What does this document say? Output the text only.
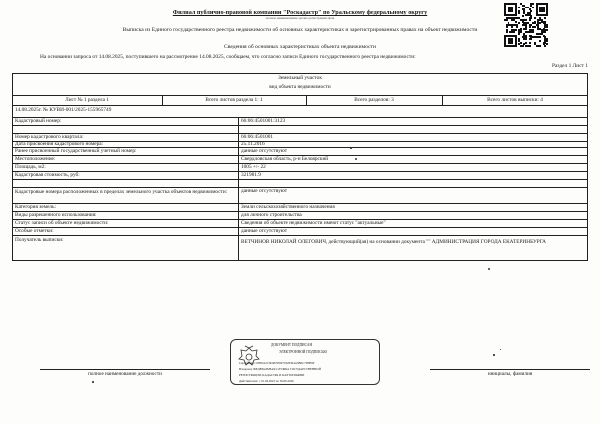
Филиал публично-правовой компании "Роскадастр" по Уральскому федеральному округу
полное наименование органа регистрации прав
Выписка из Единого государственного реестра недвижимости об основных характеристиках и зарегистрированных правах на объект недвижимости
Сведения об основных характеристиках объекта недвижимости
На основании запроса от 14.08.2025, поступившего на рассмотрение 14.08.2025, сообщаем, что согласно записи Единого государственного реестра недвижимости:
Раздел 1 Лист 1
Земельный участок
вид объекта недвижимости
Лист № 1 раздела 1	Всего листов раздела 1: 1	Всего разделов: 3	Всего листов выписки: 4
14.08.2025г. № КУВИ-001/2025-155965749
Кадастровый номер:	66:06:4501001:3123
Номер кадастрового квартала:	66:06:4501001
Дата присвоения кадастрового номера:	25.11.2016
Ранее присвоенный государственный учетный номер:	данные отсутствуют
Местоположение:	Свердловская область, р-н Белоярский
Площадь, м2:	1005 +/- 22
Кадастровая стоимость, руб:	321981.9
Кадастровые номера расположенных в пределах земельного участка объектов недвижимости:	данные отсутствуют
Категория земель:	Земли сельскохозяйственного назначения
Виды разрешенного использования:	для личного строительства
Статус записи об объекте недвижимости:	Сведения об объекте недвижимости имеют статус "актуальные"
Особые отметки:	данные отсутствуют
Получатель выписки:	ВЕТЧИНОВ НИКОЛАЙ ОЛЕГОВИЧ, действующий(ая) на основании документа "" АДМИНИСТРАЦИЯ ГОРОДА ЕКАТЕРИНБУРГА
полное наименование должности	инициалы, фамилия
ДОКУМЕНТ ПОДПИСАН
ЭЛЕКТРОННОЙ ПОДПИСЬЮ
Сертификат: 00E0A2C3D4E5F6071829304A5B6C7D8E9F
Владелец: ФЕДЕРАЛЬНАЯ СЛУЖБА ГОСУДАРСТВЕННОЙ
РЕГИСТРАЦИИ, КАДАСТРА И КАРТОГРАФИИ
Действителен: с 01.04.2025 по 30.06.2026
